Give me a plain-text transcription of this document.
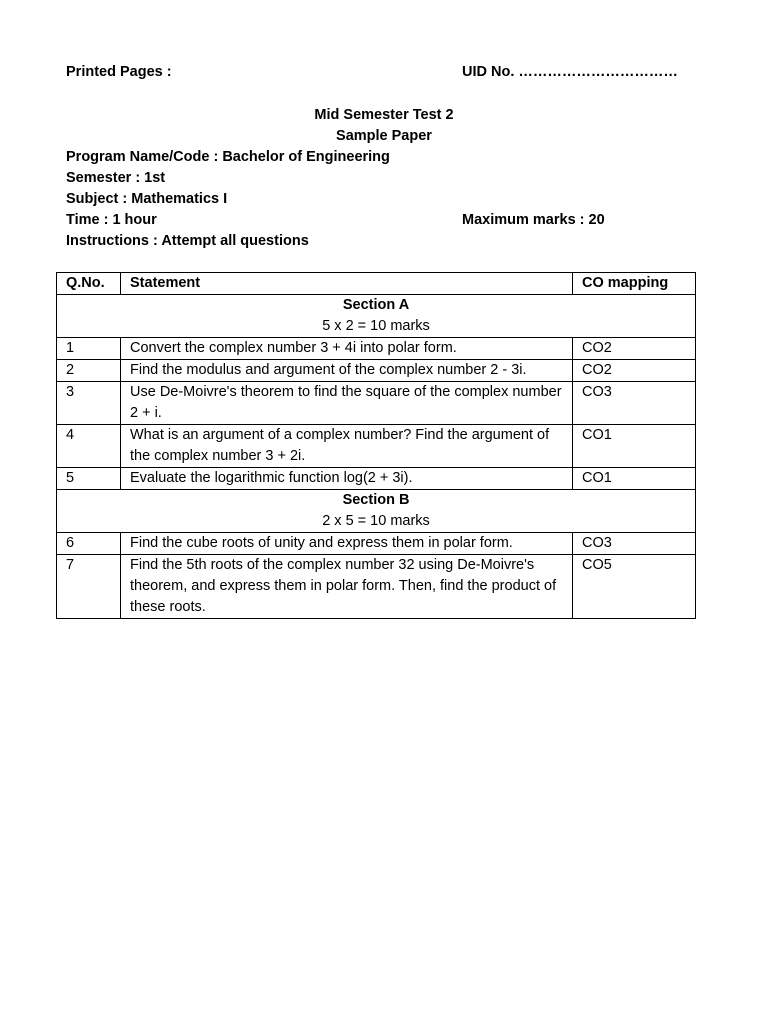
Printed Pages :	UID No. ……………………………
Mid Semester Test 2
Sample Paper
Program Name/Code : Bachelor of Engineering
Semester : 1st
Subject : Mathematics I
Time : 1 hour	Maximum marks : 20
Instructions : Attempt all questions
Q.No.	Statement	CO mapping

Section A
5 x 2 = 10 marks		

1	Convert the complex number 3 + 4i into polar form.	CO2
2	Find the modulus and argument of the complex number 2 - 3i.	CO2
3	Use De-Moivre's theorem to find the square of the complex number 2 + i.	CO3
4	What is an argument of a complex number? Find the argument of the complex number 3 + 2i.	CO1
5	Evaluate the logarithmic function log(2 + 3i).	CO1

Section B
2 x 5 = 10 marks		

6	Find the cube roots of unity and express them in polar form.	CO3
7	Find the 5th roots of the complex number 32 using De-Moivre's theorem, and express them in polar form. Then, find the product of these roots.	CO5
